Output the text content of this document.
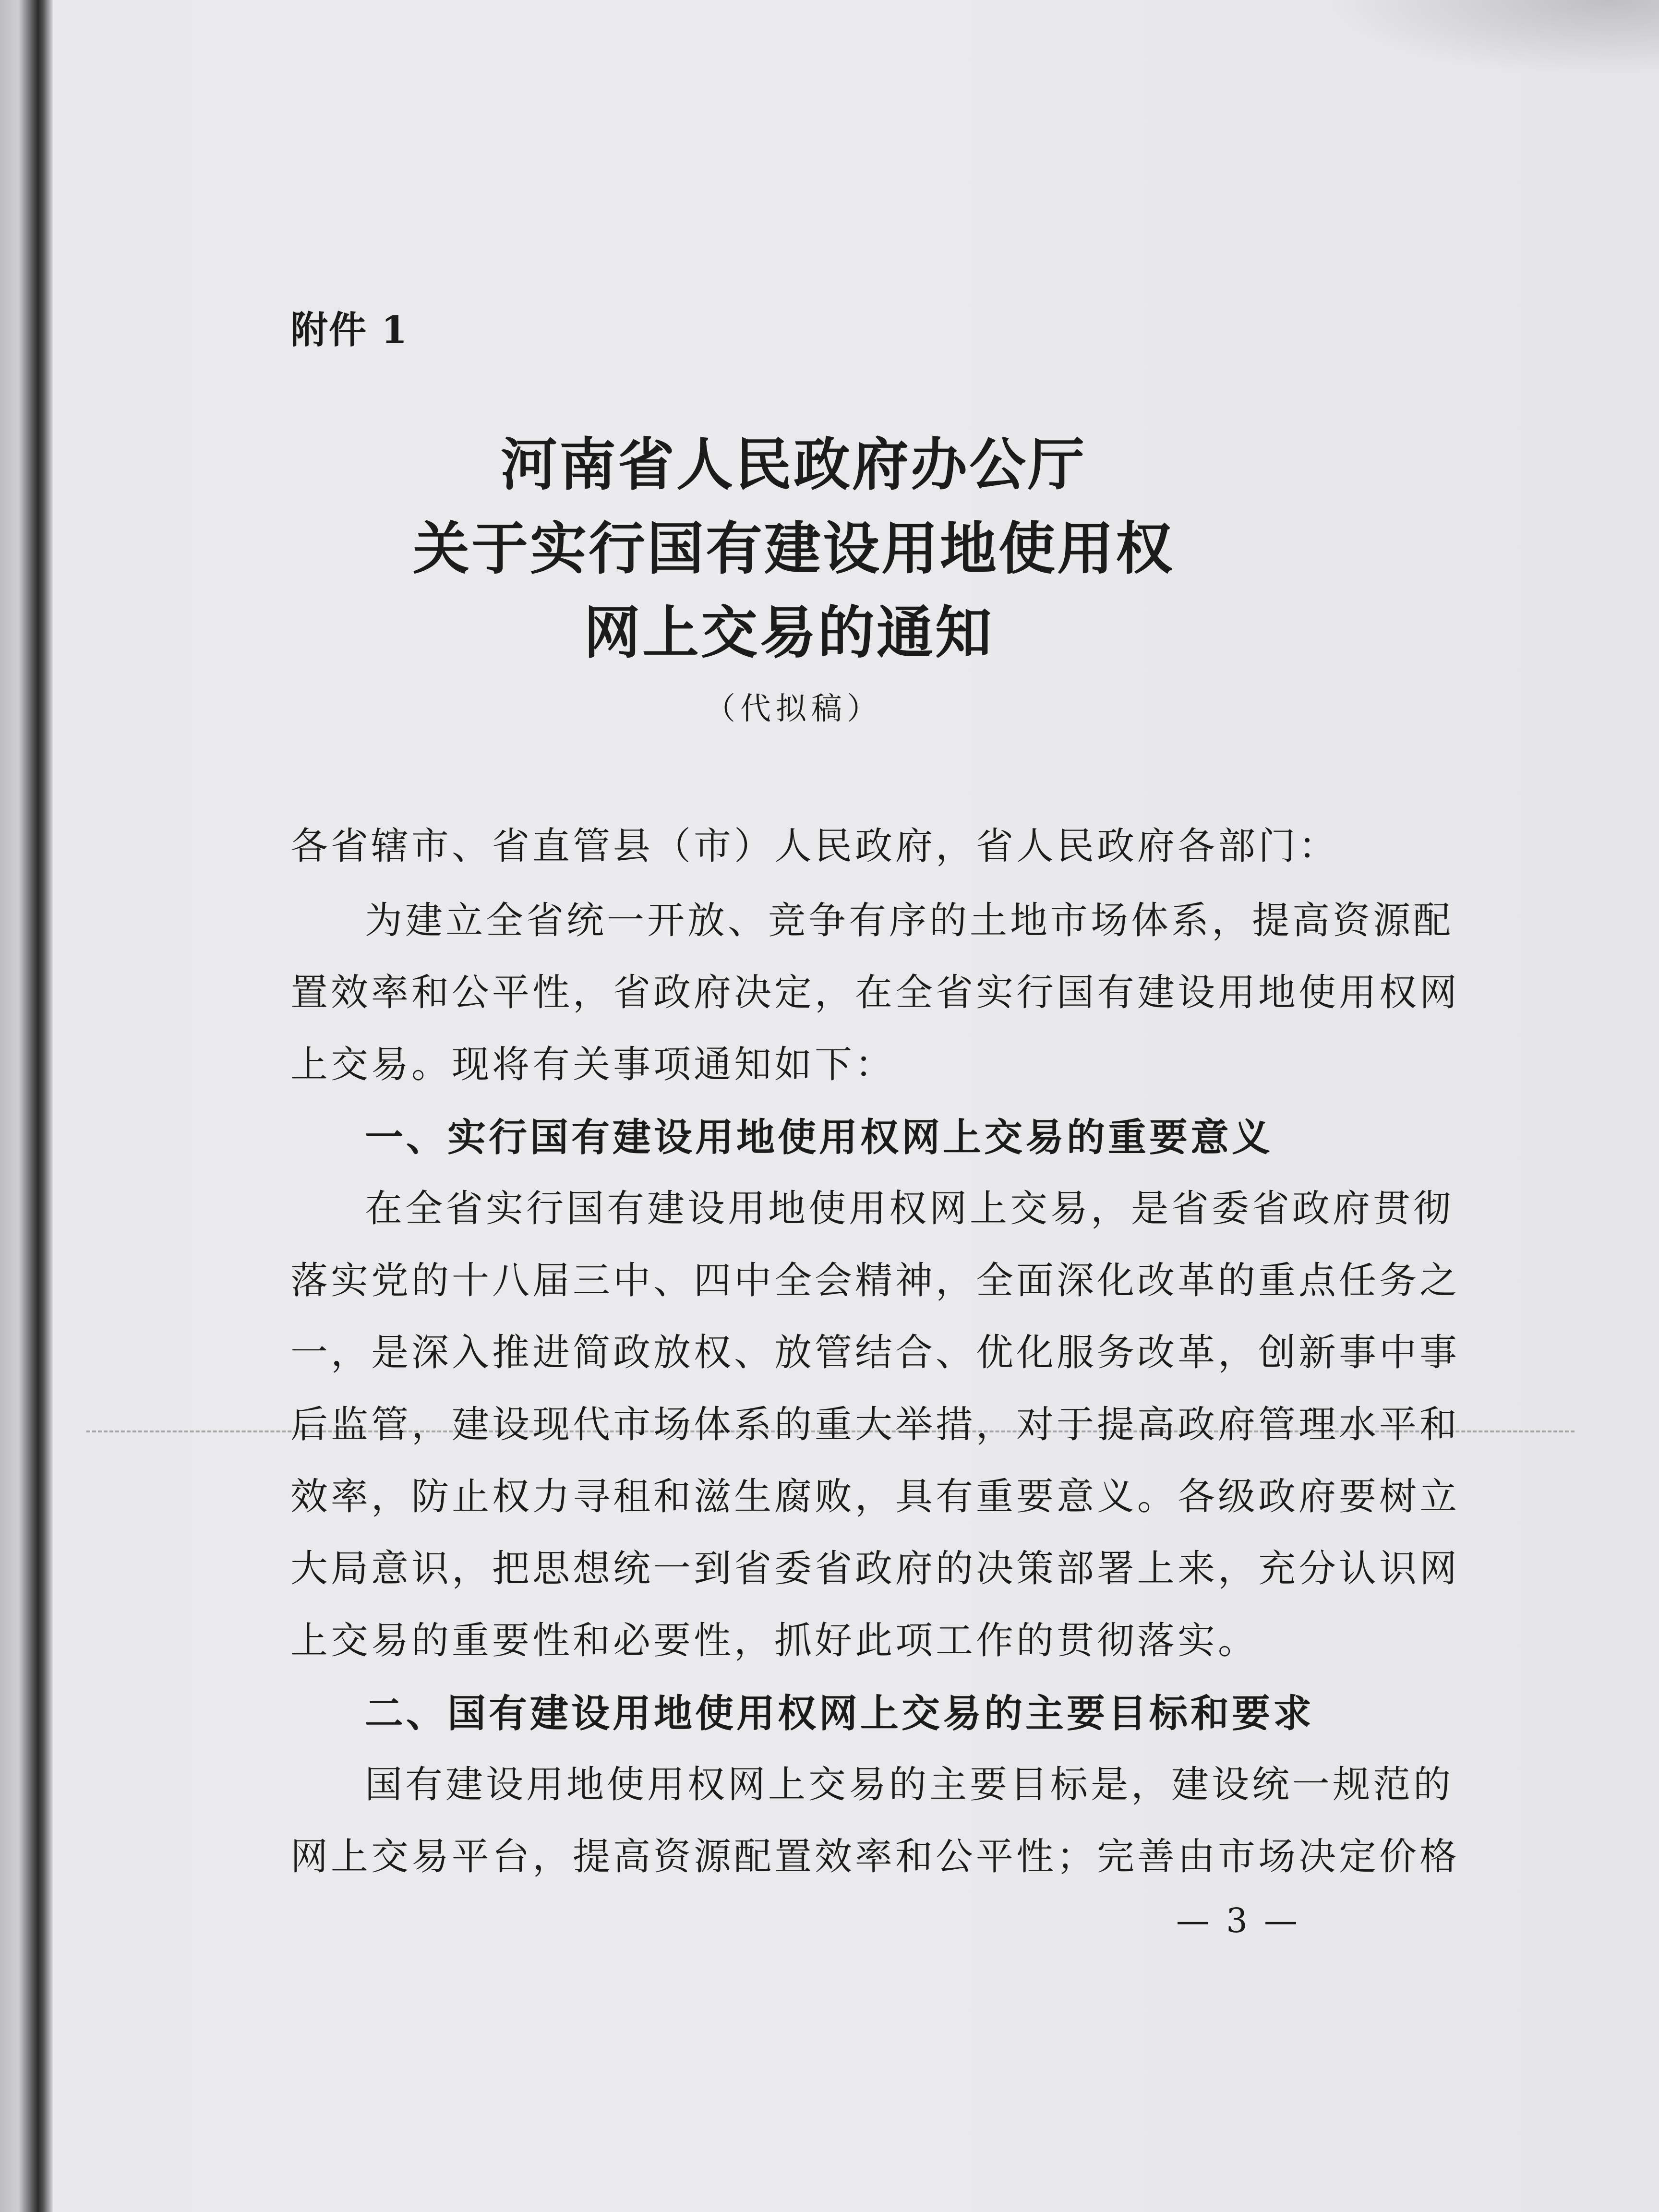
附件 1
河南省人民政府办公厅
关于实行国有建设用地使用权
网上交易的通知
（代拟稿）
各省辖市、省直管县（市）人民政府，省人民政府各部门：
为建立全省统一开放、竞争有序的土地市场体系，提高资源配
置效率和公平性，省政府决定，在全省实行国有建设用地使用权网
上交易。现将有关事项通知如下：
一、实行国有建设用地使用权网上交易的重要意义
在全省实行国有建设用地使用权网上交易，是省委省政府贯彻
落实党的十八届三中、四中全会精神，全面深化改革的重点任务之
一，是深入推进简政放权、放管结合、优化服务改革，创新事中事
后监管，建设现代市场体系的重大举措，对于提高政府管理水平和
效率，防止权力寻租和滋生腐败，具有重要意义。各级政府要树立
大局意识，把思想统一到省委省政府的决策部署上来，充分认识网
上交易的重要性和必要性，抓好此项工作的贯彻落实。
二、国有建设用地使用权网上交易的主要目标和要求
国有建设用地使用权网上交易的主要目标是，建设统一规范的
网上交易平台，提高资源配置效率和公平性；完善由市场决定价格
— 3 —
